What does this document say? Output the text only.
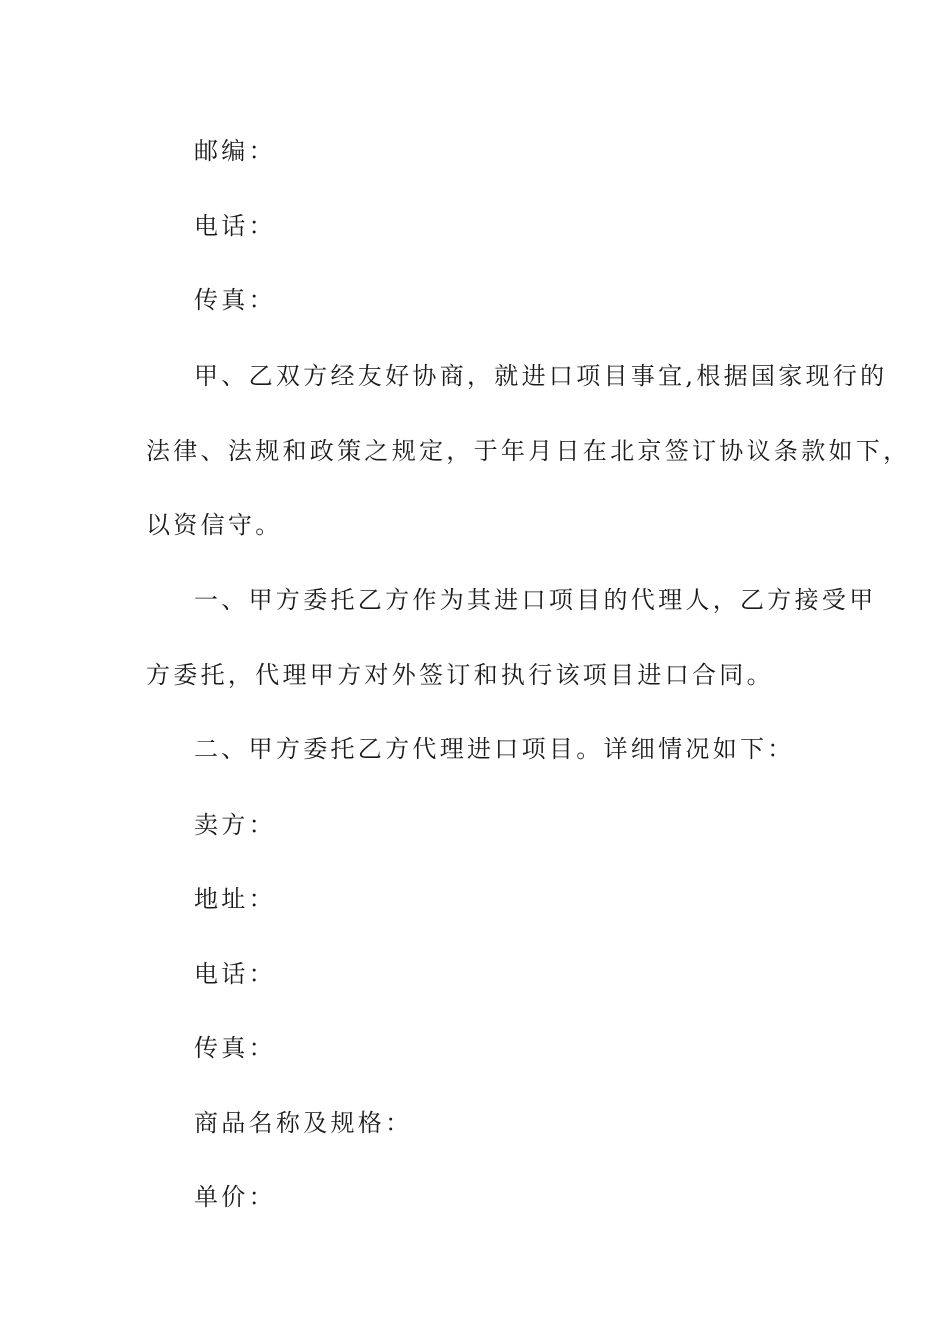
邮编：
电话：
传真：
甲、乙双方经友好协商，就进口项目事宜,根据国家现行的
法律、法规和政策之规定，于年月日在北京签订协议条款如下，
以资信守。
一、甲方委托乙方作为其进口项目的代理人，乙方接受甲
方委托，代理甲方对外签订和执行该项目进口合同。
二、甲方委托乙方代理进口项目。详细情况如下：
卖方：
地址：
电话：
传真：
商品名称及规格：
单价：
